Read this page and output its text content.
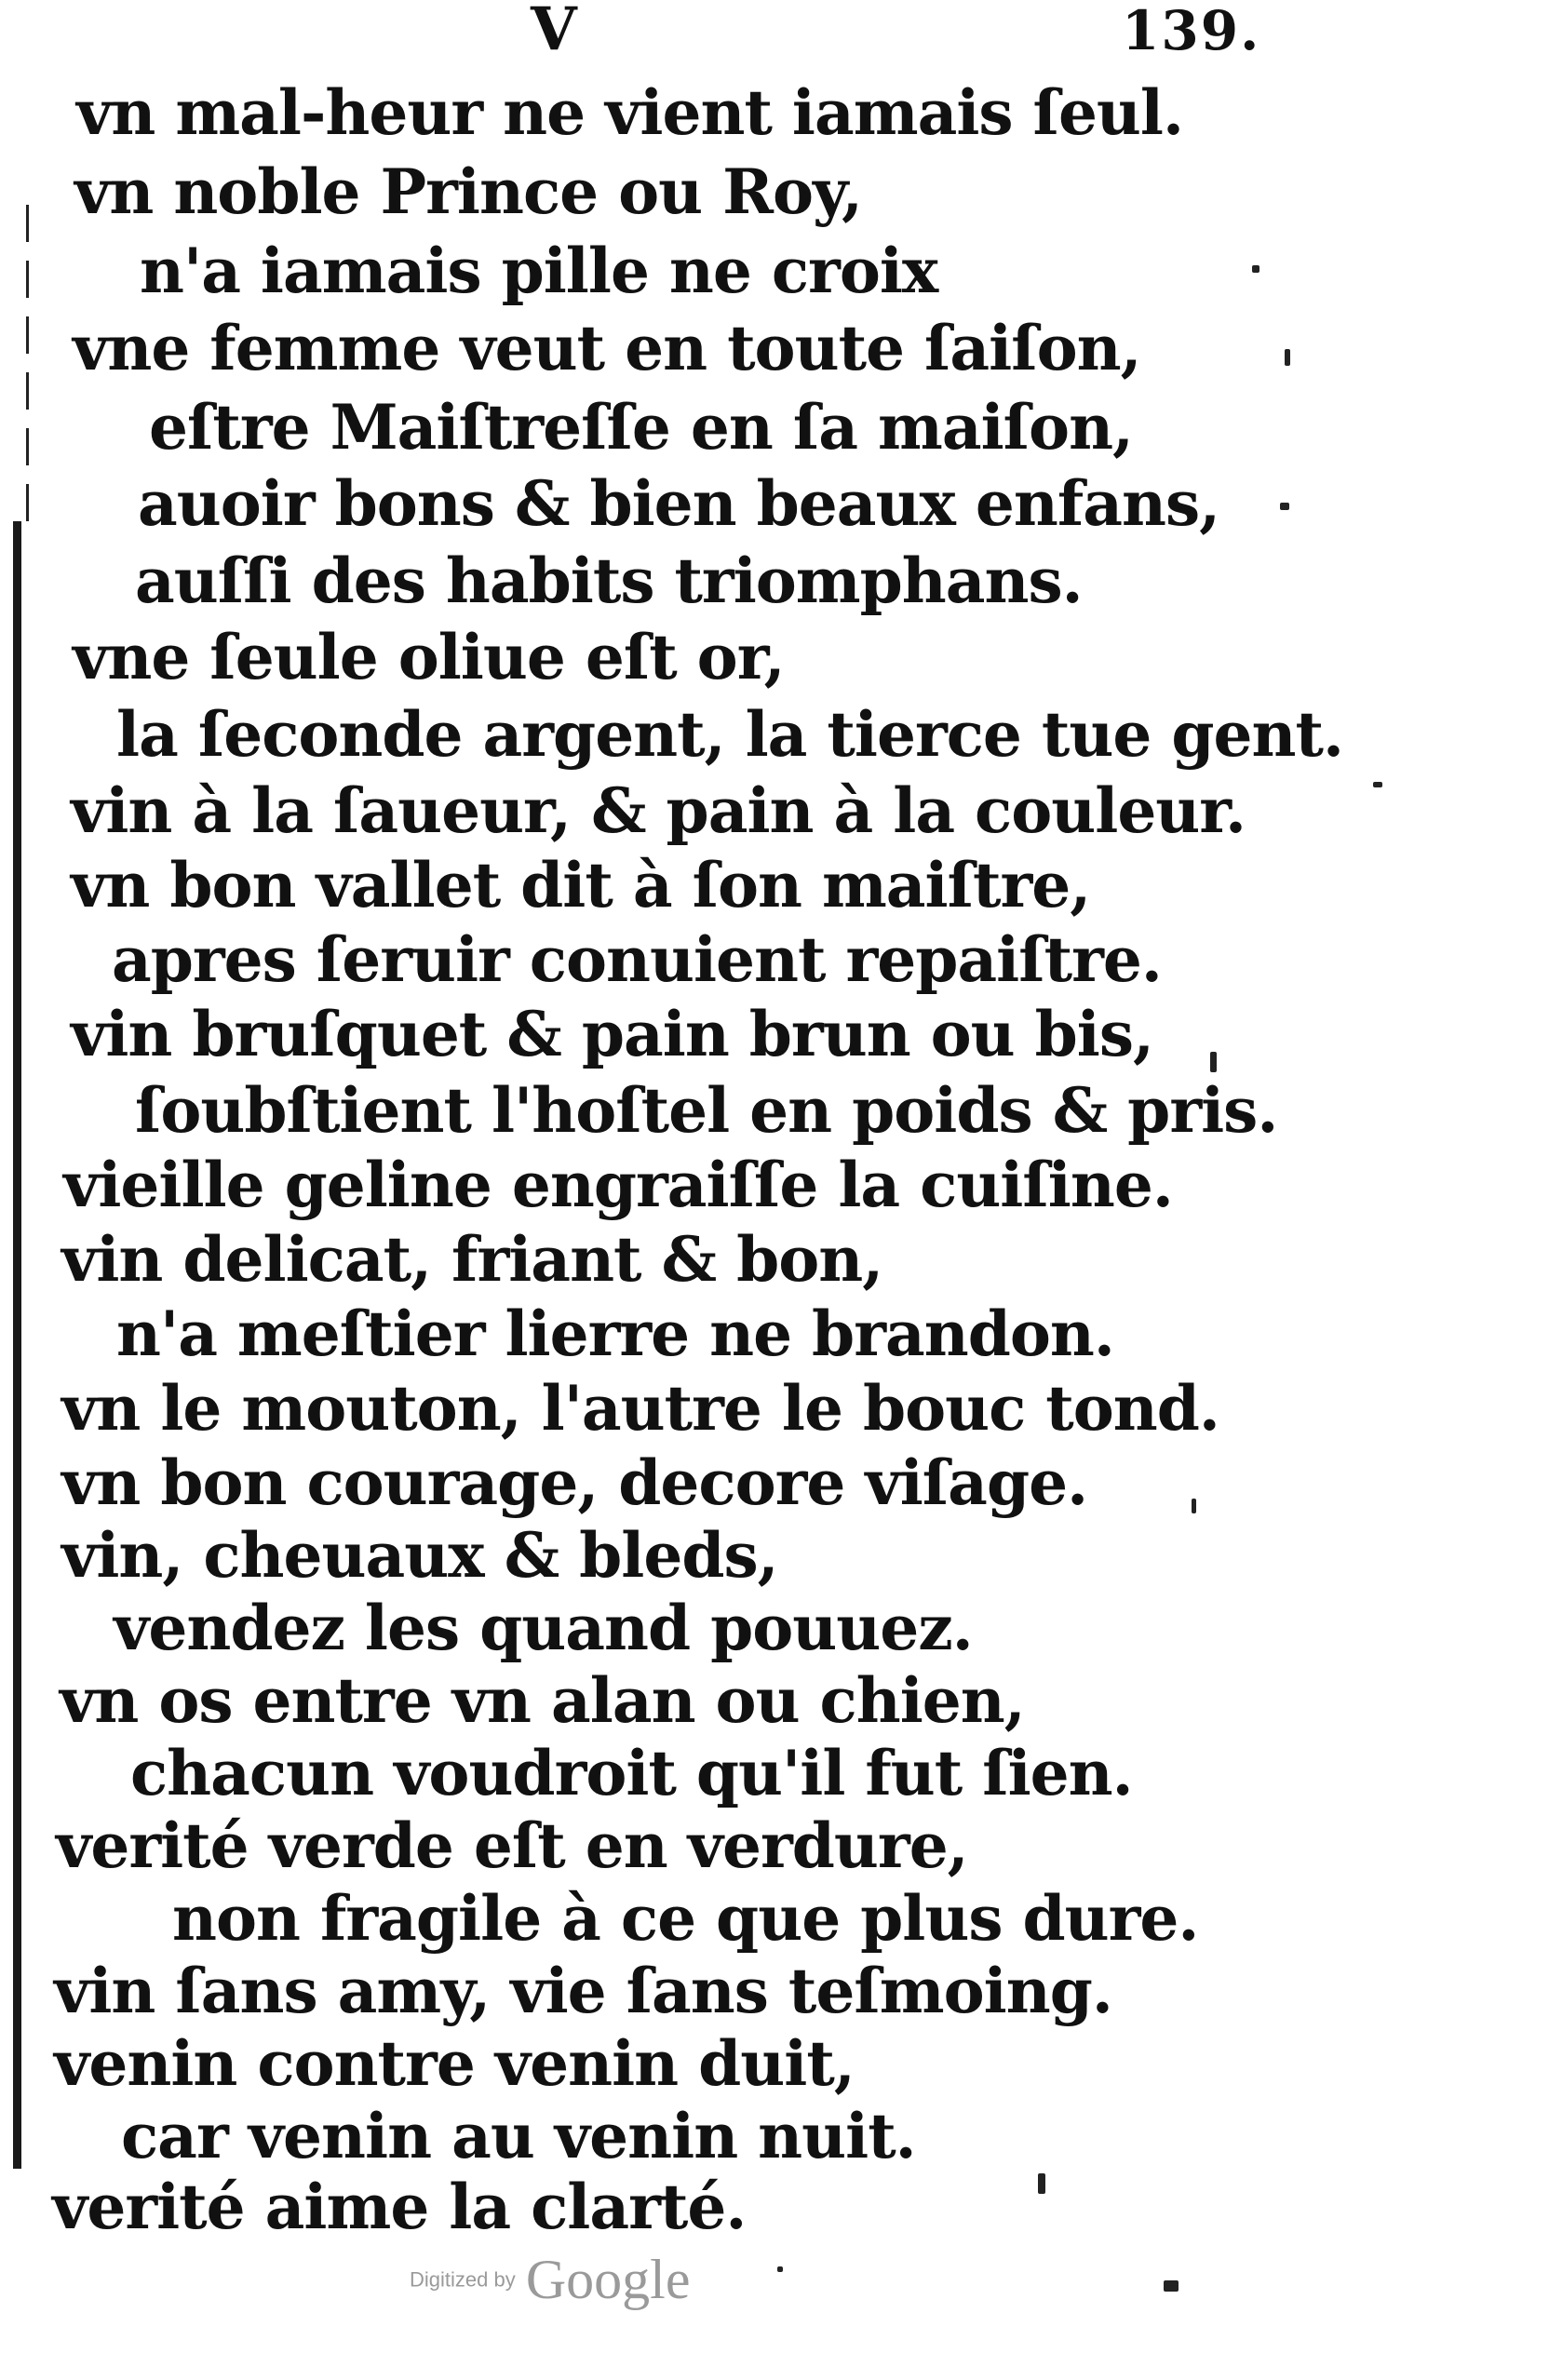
V	139.
vn mal-heur ne vient iamais ſeul.
vn noble Prince ou Roy,
n'a iamais pille ne croix
vne femme veut en toute ſaiſon,
eſtre Maiſtreſſe en ſa maiſon,
auoir bons & bien beaux enfans,
auſſi des habits triomphans.
vne ſeule oliue eſt or,
la ſeconde argent, la tierce tue gent.
vin à la ſaueur, & pain à la couleur.
vn bon vallet dit à ſon maiſtre,
apres ſeruir conuient repaiſtre.
vin bruſquet & pain brun ou bis,
ſoubſtient l'hoſtel en poids & pris.
vieille geline engraiſſe la cuiſine.
vin delicat, friant & bon,
n'a meſtier lierre ne brandon.
vn le mouton, l'autre le bouc tond.
vn bon courage, decore viſage.
vin, cheuaux & bleds,
vendez les quand pouuez.
vn os entre vn alan ou chien,
chacun voudroit qu'il fut ſien.
verité verde eſt en verdure,
non fragile à ce que plus dure.
vin ſans amy, vie ſans teſmoing.
venin contre venin duit,
car venin au venin nuit.
verité aime la clarté.
Digitized by Google
